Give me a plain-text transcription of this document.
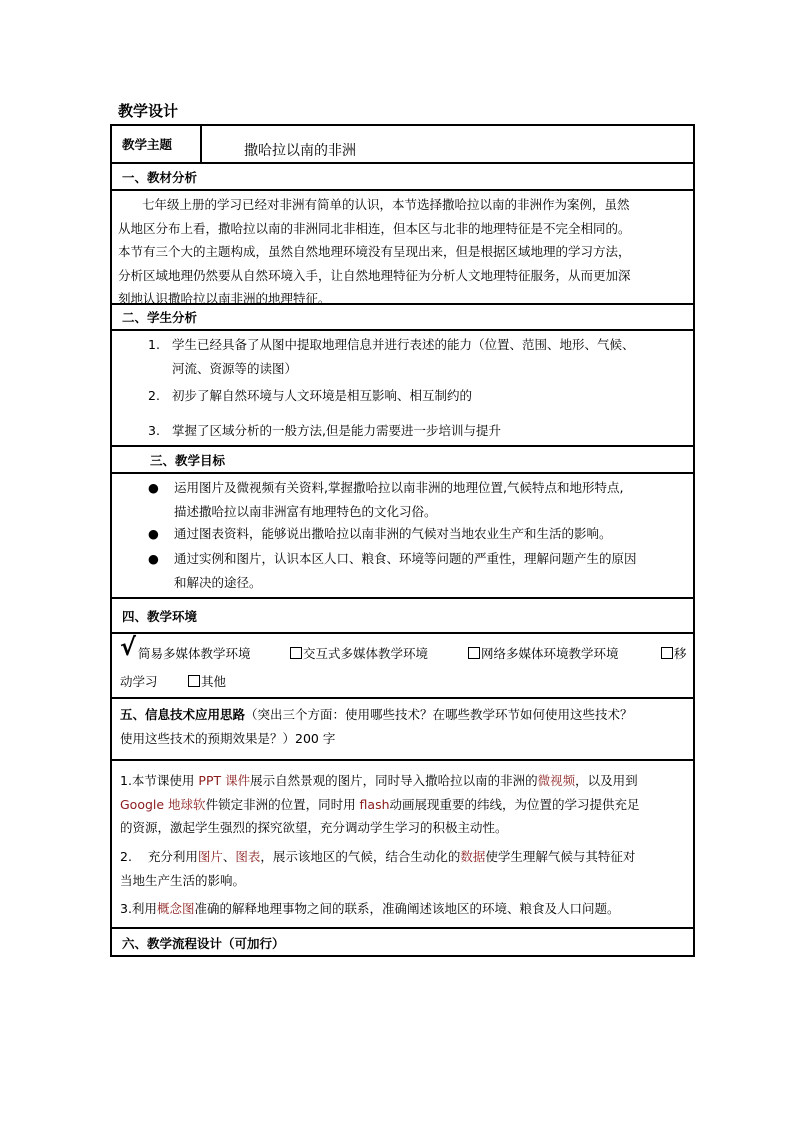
教学设计
教学主题	撒哈拉以南的非洲
一、教材分析
七年级上册的学习已经对非洲有简单的认识，本节选择撒哈拉以南的非洲作为案例，虽然
从地区分布上看，撒哈拉以南的非洲同北非相连，但本区与北非的地理特征是不完全相同的。
本节有三个大的主题构成，虽然自然地理环境没有呈现出来，但是根据区域地理的学习方法，
分析区域地理仍然要从自然环境入手，让自然地理特征为分析人文地理特征服务，从而更加深
刻地认识撒哈拉以南非洲的地理特征。
二、学生分析
1. 学生已经具备了从图中提取地理信息并进行表述的能力（位置、范围、地形、气候、
河流、资源等的读图）
2. 初步了解自然环境与人文环境是相互影响、相互制约的
3. 掌握了区域分析的一般方法,但是能力需要进一步培训与提升
三、教学目标
●	运用图片及微视频有关资料,掌握撒哈拉以南非洲的地理位置,气候特点和地形特点,
描述撒哈拉以南非洲富有地理特色的文化习俗。
●	通过图表资料，能够说出撒哈拉以南非洲的气候对当地农业生产和生活的影响。
●	通过实例和图片，认识本区人口、粮食、环境等问题的严重性，理解问题产生的原因
和解决的途径。
四、教学环境
√ 简易多媒体教学环境	交互式多媒体教学环境	网络多媒体环境教学环境	移
动学习	其他
五、信息技术应用思路（突出三个方面：使用哪些技术？在哪些教学环节如何使用这些技术？
使用这些技术的预期效果是？）200 字
1.本节课使用 PPT 课件展示自然景观的图片，同时导入撒哈拉以南的非洲的微视频，以及用到
Google 地球软件锁定非洲的位置，同时用 flash动画展现重要的纬线，为位置的学习提供充足
的资源，激起学生强烈的探究欲望，充分调动学生学习的积极主动性。
2.    充分利用图片、图表，展示该地区的气候，结合生动化的数据使学生理解气候与其特征对
当地生产生活的影响。
3.利用概念图准确的解释地理事物之间的联系，准确阐述该地区的环境、粮食及人口问题。
六、教学流程设计（可加行）
